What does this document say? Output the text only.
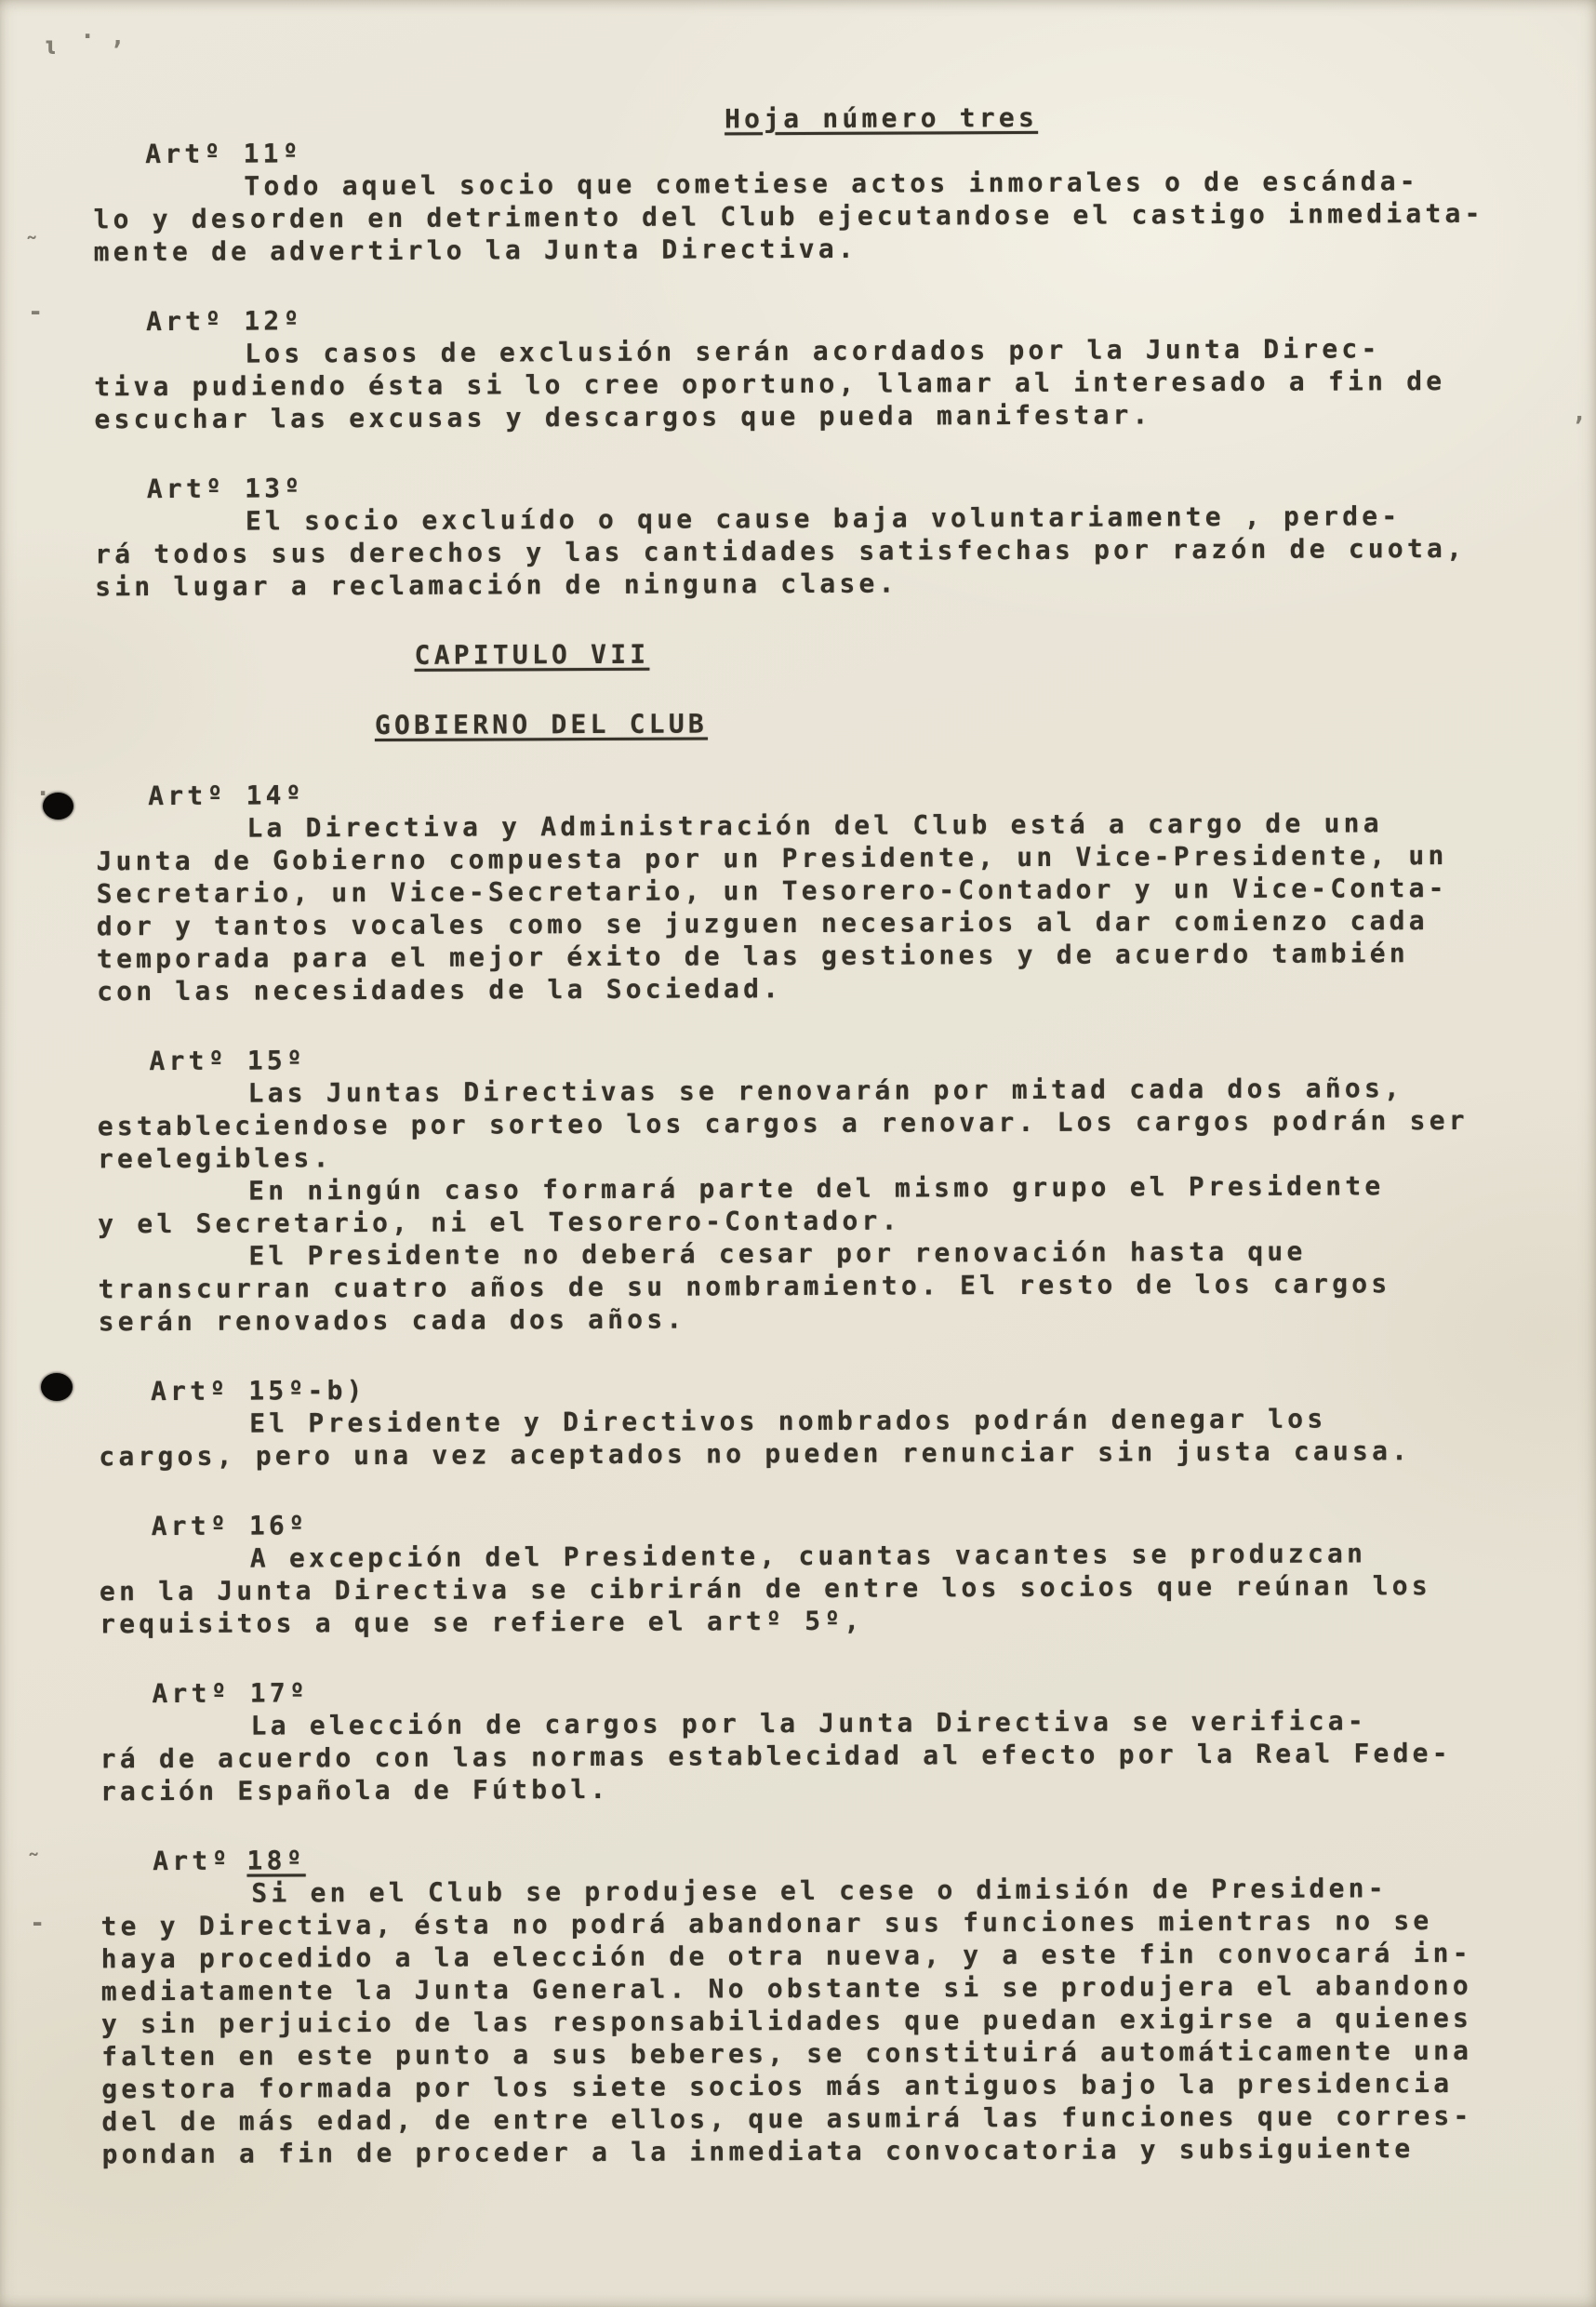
ι · ,
˜
-
,
·
˜
-
Hoja número tres
Artº 11º
Todo aquel socio que cometiese actos inmorales o de escánda-
lo y desorden en detrimento del Club ejecutandose el castigo inmediata-
mente de advertirlo la Junta Directiva.
Artº 12º
Los casos de exclusión serán acordados por la Junta Direc-
tiva pudiendo ésta si lo cree oportuno, llamar al interesado a fin de
escuchar las excusas y descargos que pueda manifestar.
Artº 13º
El socio excluído o que cause baja voluntariamente , perde-
rá todos sus derechos y las cantidades satisfechas por razón de cuota,
sin lugar a reclamación de ninguna clase.
CAPITULO VII
GOBIERNO DEL CLUB
Artº 14º
La Directiva y Administración del Club está a cargo de una
Junta de Gobierno compuesta por un Presidente, un Vice-Presidente, un
Secretario, un Vice-Secretario, un Tesorero-Contador y un Vice-Conta-
dor y tantos vocales como se juzguen necesarios al dar comienzo cada
temporada para el mejor éxito de las gestiones y de acuerdo también
con las necesidades de la Sociedad.
Artº 15º
Las Juntas Directivas se renovarán por mitad cada dos años,
estableciendose por sorteo los cargos a renovar. Los cargos podrán ser
reelegibles.
En ningún caso formará parte del mismo grupo el Presidente
y el Secretario, ni el Tesorero-Contador.
El Presidente no deberá cesar por renovación hasta que
transcurran cuatro años de su nombramiento. El resto de los cargos
serán renovados cada dos años.
Artº 15º-b)
El Presidente y Directivos nombrados podrán denegar los
cargos, pero una vez aceptados no pueden renunciar sin justa causa.
Artº 16º
A excepción del Presidente, cuantas vacantes se produzcan
en la Junta Directiva se cibrirán de entre los socios que reúnan los
requisitos a que se refiere el artº 5º,
Artº 17º
La elección de cargos por la Junta Directiva se verifica-
rá de acuerdo con las normas establecidad al efecto por la Real Fede-
ración Española de Fútbol.
Artº 18º
Si en el Club se produjese el cese o dimisión de Presiden-
te y Directiva, ésta no podrá abandonar sus funciones mientras no se
haya procedido a la elección de otra nueva, y a este fin convocará in-
mediatamente la Junta General. No obstante si se produjera el abandono
y sin perjuicio de las responsabilidades que puedan exigirse a quienes
falten en este punto a sus beberes, se constituirá automáticamente una
gestora formada por los siete socios más antiguos bajo la presidencia
del de más edad, de entre ellos, que asumirá las funciones que corres-
pondan a fin de proceder a la inmediata convocatoria y subsiguiente
